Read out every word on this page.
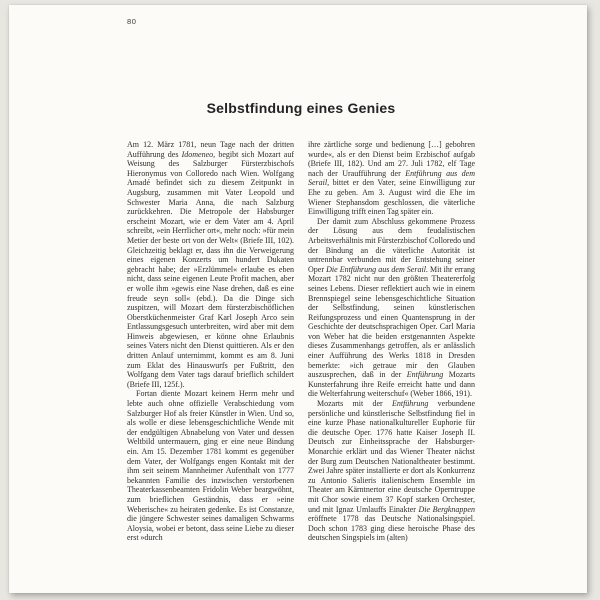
80
Selbstfindung eines Genies

Am 12. März 1781, neun Tage nach der dritten Aufführung des Idomeneo, begibt sich Mozart auf Weisung des Salzburger Fürsterzbischofs Hieronymus von Colloredo nach Wien. Wolfgang Amadé befindet sich zu diesem Zeitpunkt in Augsburg, zusammen mit Vater Leopold und Schwester Maria Anna, die nach Salzburg zurückkehren. Die Metropole der Habsburger erscheint Mozart, wie er dem Vater am 4. April schreibt, »ein Herrlicher ort«, mehr noch: »für mein Metier der beste ort von der Welt« (Briefe III, 102). Gleichzeitig beklagt er, dass ihn die Verweigerung eines eigenen Konzerts um hundert Dukaten gebracht habe; der »Erzlümmel« erlaube es eben nicht, dass seine eigenen Leute Profit machen, aber er wolle ihm »gewis eine Nase drehen, daß es eine freude seyn soll« (ebd.). Da die Dinge sich zuspitzen, will Mozart dem fürsterzbischöflichen Oberstküchenmeister Graf Karl Joseph Arco sein Entlassungsgesuch unterbreiten, wird aber mit dem Hinweis abgewiesen, er könne ohne Erlaubnis seines Vaters nicht den Dienst quittieren. Als er den dritten Anlauf unternimmt, kommt es am 8. Juni zum Eklat des Hinauswurfs per Fußtritt, den Wolfgang dem Vater tags darauf brieflich schildert (Briefe III, 125f.).

Fortan diente Mozart keinem Herrn mehr und lebte auch ohne offizielle Verabschiedung vom Salzburger Hof als freier Künstler in Wien. Und so, als wolle er diese lebensgeschichtliche Wende mit der endgültigen Abnabelung von Vater und dessen Weltbild untermauern, ging er eine neue Bindung ein. Am 15. Dezember 1781 kommt es gegenüber dem Vater, der Wolfgangs engen Kontakt mit der ihm seit seinem Mannheimer Aufenthalt von 1777 bekannten Familie des inzwischen verstorbenen Theaterkassenbeamten Fridolin Weber beargwöhnt, zum brieflichen Geständnis, dass er »eine Weberische« zu heiraten gedenke. Es ist Constanze, die jüngere Schwester seines damaligen Schwarms Aloysia, wobei er betont, dass seine Liebe zu dieser erst »durch

ihre zärtliche sorge und bedienung […] gebohren wurde«, als er den Dienst beim Erzbischof aufgab (Briefe III, 182). Und am 27. Juli 1782, elf Tage nach der Uraufführung der Entführung aus dem Serail, bittet er den Vater, seine Einwilligung zur Ehe zu geben. Am 3. August wird die Ehe im Wiener Stephansdom geschlossen, die väterliche Einwilligung trifft einen Tag später ein.

Der damit zum Abschluss gekommene Prozess der Lösung aus dem feudalistischen Arbeitsverhältnis mit Fürsterzbischof Colloredo und der Bindung an die väterliche Autorität ist untrennbar verbunden mit der Entstehung seiner Oper Die Entführung aus dem Serail. Mit ihr errang Mozart 1782 nicht nur den größten Theatererfolg seines Lebens. Dieser reflektiert auch wie in einem Brennspiegel seine lebensgeschichtliche Situation der Selbstfindung, seinen künstlerischen Reifungsprozess und einen Quantensprung in der Geschichte der deutschsprachigen Oper. Carl Maria von Weber hat die beiden erstgenannten Aspekte dieses Zusammenhangs getroffen, als er anlässlich einer Aufführung des Werks 1818 in Dresden bemerkte: »ich getraue mir den Glauben auszusprechen, daß in der Entführung Mozarts Kunsterfahrung ihre Reife erreicht hatte und dann die Welterfahrung weiterschuf« (Weber 1866, 191).

Mozarts mit der Entführung verbundene persönliche und künstlerische Selbstfindung fiel in eine kurze Phase nationalkultureller Euphorie für die deutsche Oper. 1776 hatte Kaiser Joseph II. Deutsch zur Einheitssprache der Habsburger-Monarchie erklärt und das Wiener Theater nächst der Burg zum Deutschen Nationaltheater bestimmt. Zwei Jahre später installierte er dort als Konkurrenz zu Antonio Salieris italienischem Ensemble im Theater am Kärntnertor eine deutsche Operntruppe mit Chor sowie einem 37 Kopf starken Orchester, und mit Ignaz Umlauffs Einakter Die Bergknappen eröffnete 1778 das Deutsche Nationalsingspiel. Doch schon 1783 ging diese heroische Phase des deutschen Singspiels im (alten)
